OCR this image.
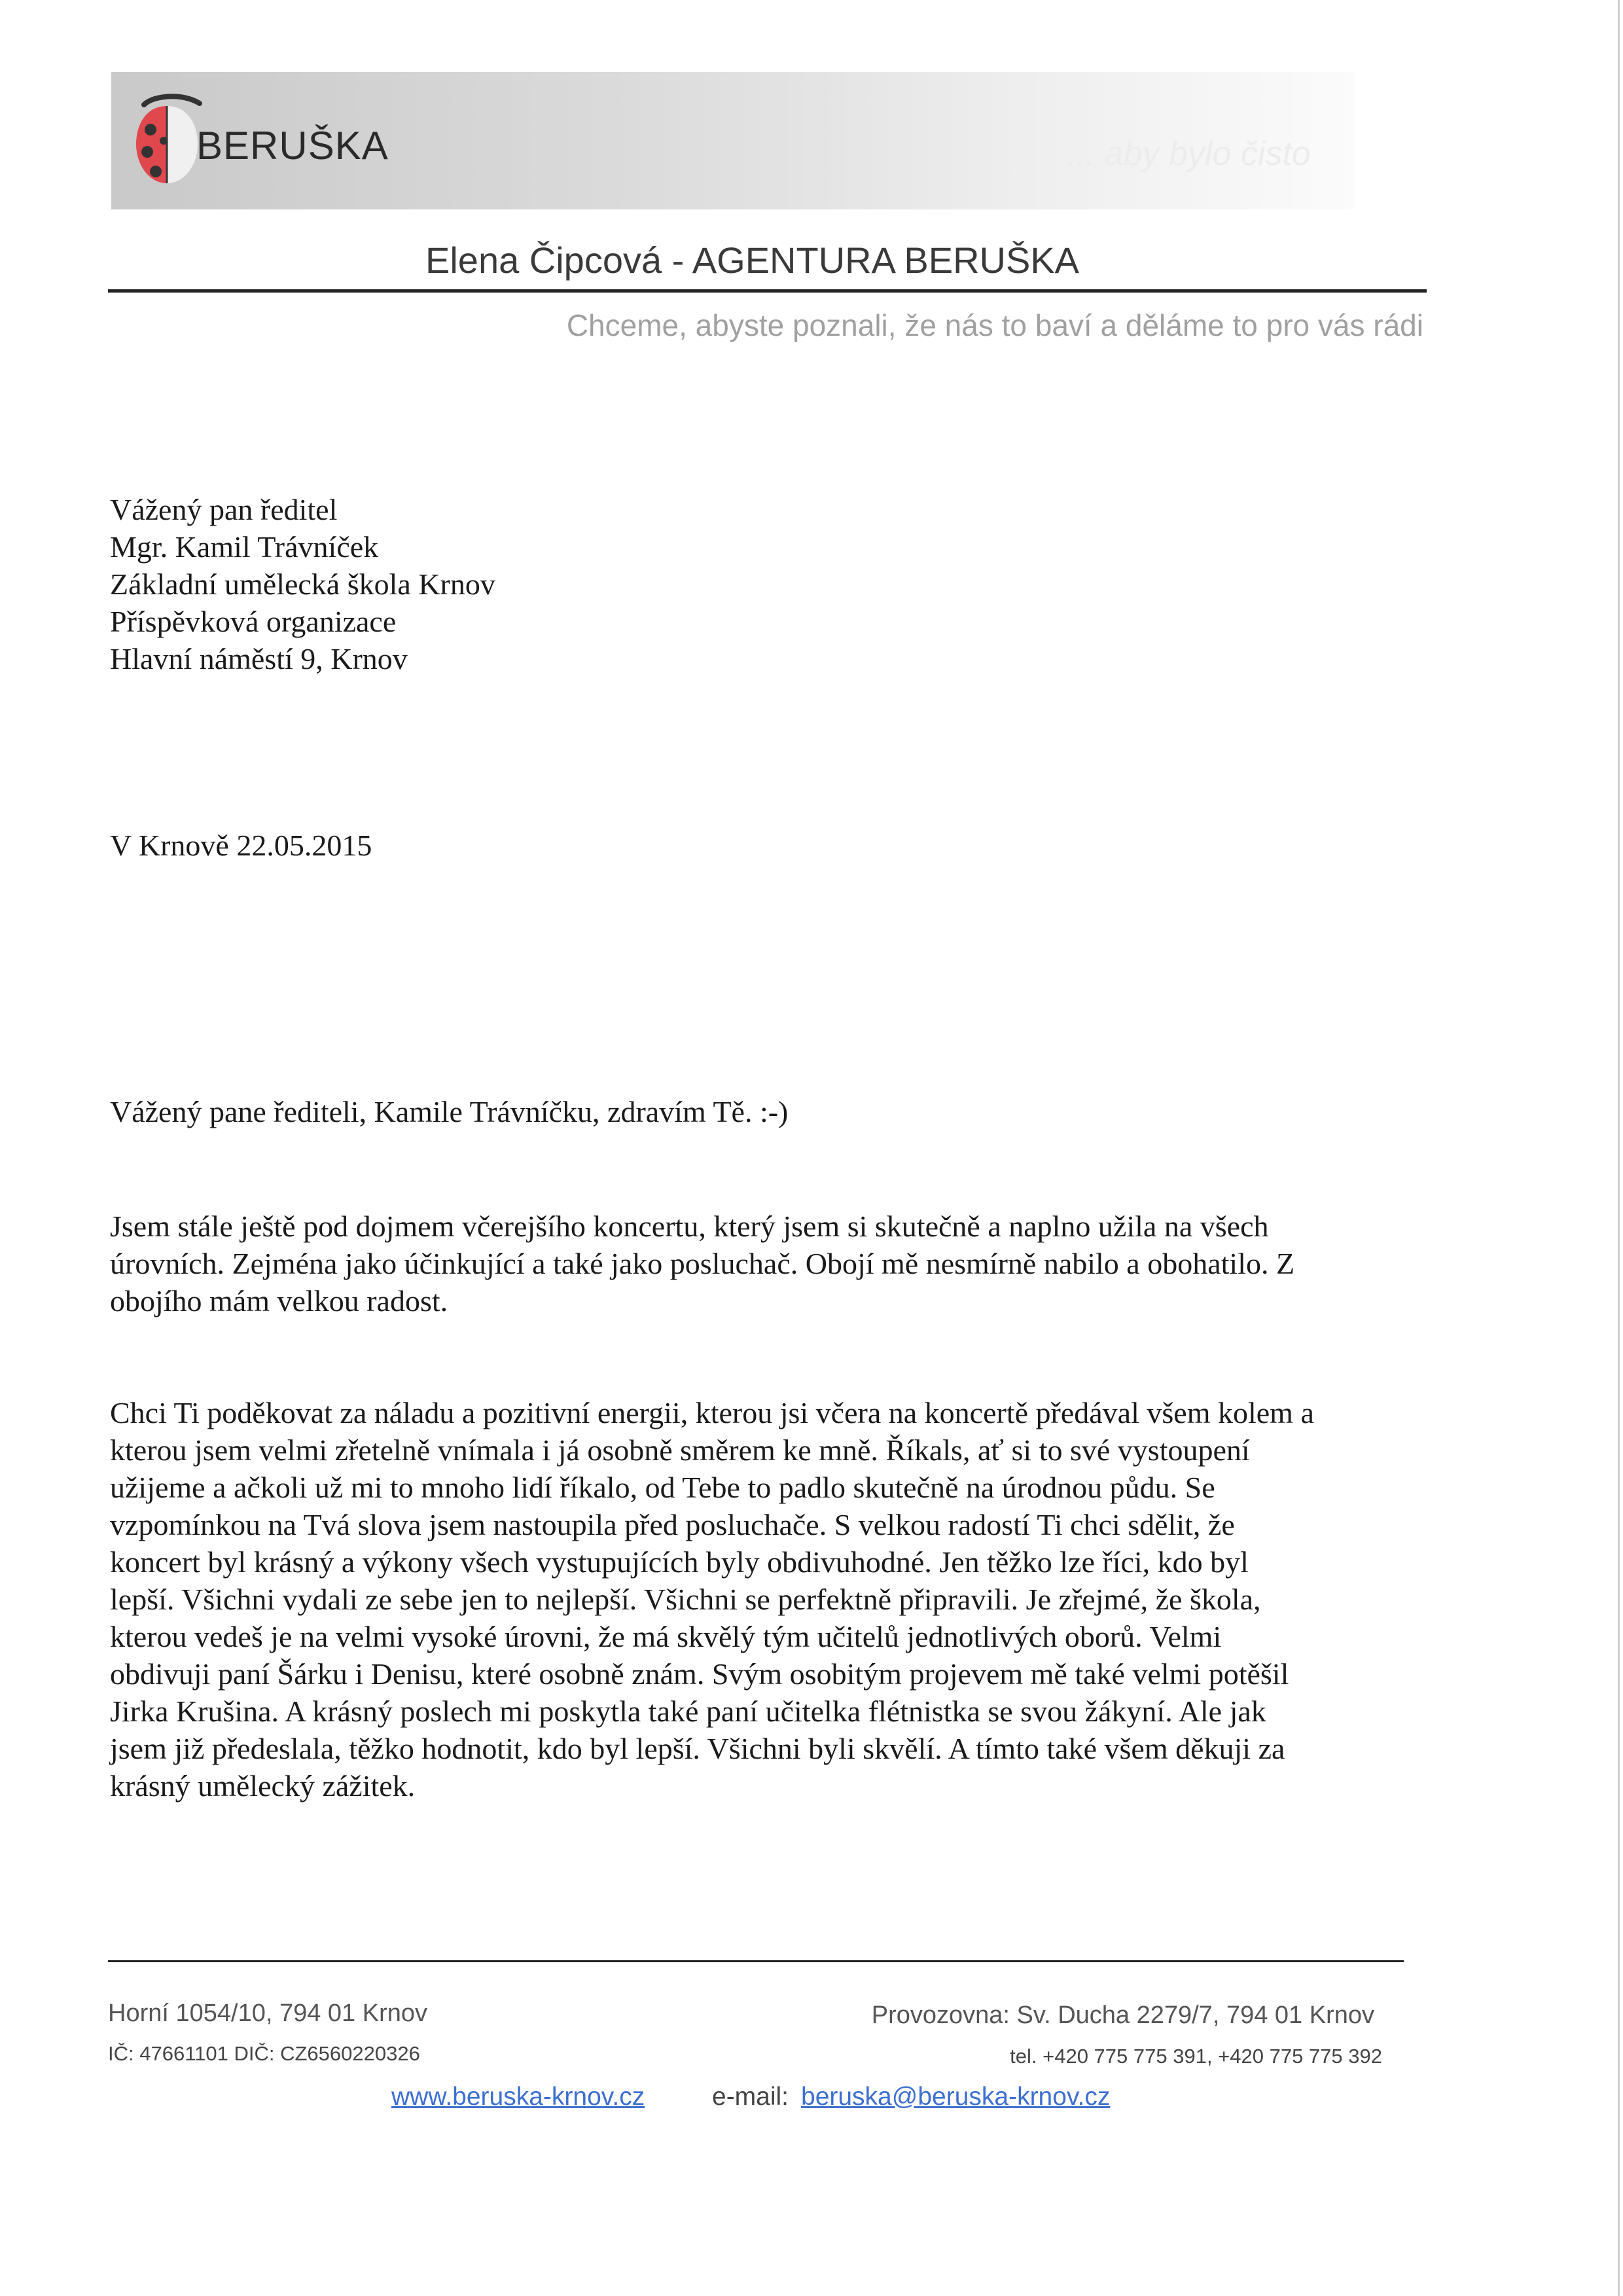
BERUŠKA	... aby bylo čisto
Elena Čipcová - AGENTURA BERUŠKA
Chceme, abyste poznali, že nás to baví a děláme to pro vás rádi
Vážený pan ředitel
Mgr. Kamil Trávníček
Základní umělecká škola Krnov
Příspěvková organizace
Hlavní náměstí 9, Krnov
V Krnově 22.05.2015
Vážený pane řediteli, Kamile Trávníčku, zdravím Tě. :-)
Jsem stále ještě pod dojmem včerejšího koncertu, který jsem si skutečně a naplno užila na všech
úrovních. Zejména jako účinkující a také jako posluchač. Obojí mě nesmírně nabilo a obohatilo. Z
obojího mám velkou radost.
Chci Ti poděkovat za náladu a pozitivní energii, kterou jsi včera na koncertě předával všem kolem a
kterou jsem velmi zřetelně vnímala i já osobně směrem ke mně. Říkals, ať si to své vystoupení
užijeme a ačkoli už mi to mnoho lidí říkalo, od Tebe to padlo skutečně na úrodnou půdu. Se
vzpomínkou na Tvá slova jsem nastoupila před posluchače. S velkou radostí Ti chci sdělit, že
koncert byl krásný a výkony všech vystupujících byly obdivuhodné. Jen těžko lze říci, kdo byl
lepší. Všichni vydali ze sebe jen to nejlepší. Všichni se perfektně připravili. Je zřejmé, že škola,
kterou vedeš je na velmi vysoké úrovni, že má skvělý tým učitelů jednotlivých oborů. Velmi
obdivuji paní Šárku i Denisu, které osobně znám. Svým osobitým projevem mě také velmi potěšil
Jirka Krušina. A krásný poslech mi poskytla také paní učitelka flétnistka se svou žákyní. Ale jak
jsem již předeslala, těžko hodnotit, kdo byl lepší. Všichni byli skvělí. A tímto také všem děkuji za
krásný umělecký zážitek.
Horní 1054/10, 794 01 Krnov
IČ: 47661101 DIČ: CZ6560220326
Provozovna: Sv. Ducha 2279/7, 794 01 Krnov
tel. +420 775 775 391, +420 775 775 392
www.beruska-krnov.cz	e-mail: beruska@beruska-krnov.cz
